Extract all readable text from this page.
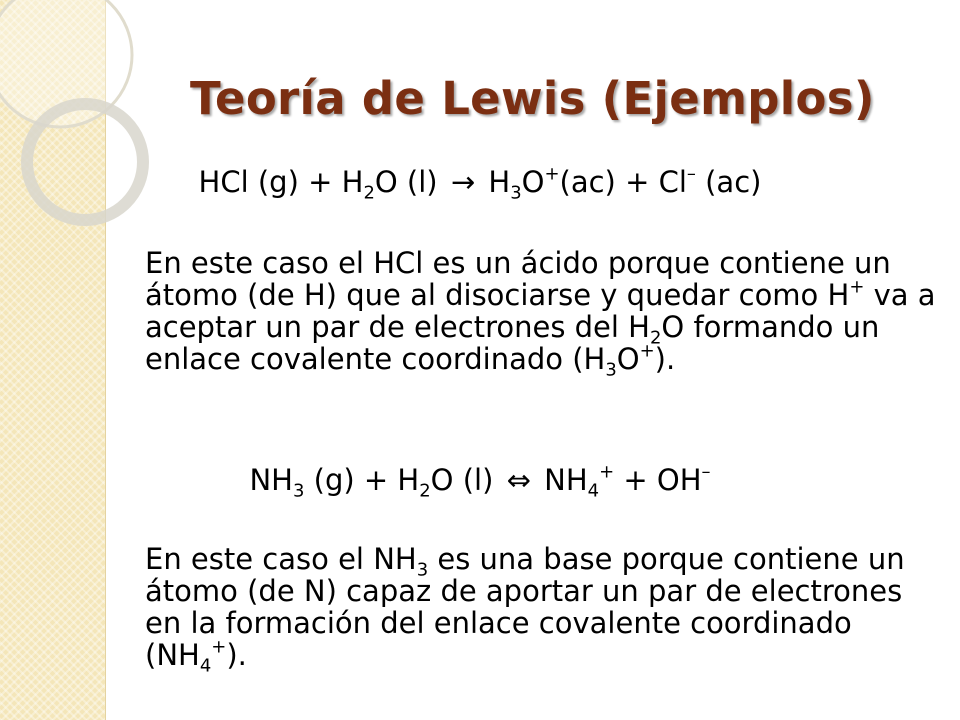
Teoría de Lewis (Ejemplos)
HCl $(g) + H_2O$ $(l) \to H_3O^+(ac) + Cl^-$ (ac)

En este caso el HCl es un ácido porque contiene un átomo (de H) que al disociarse y quedar como H+ va a aceptar un par de electrones del $H_2O$ formando un enlace covalente coordinado $(H_3O^+)$.

$NH_3$ $(g) + H_2O$ (l) ⇔ $NH_4^+ + OH^-$

En este caso el $NH_3$ es una base porque contiene un átomo (de N) capaz de aportar un par de electrones en la formación del enlace covalente coordinado $(NH_4^+)$.
